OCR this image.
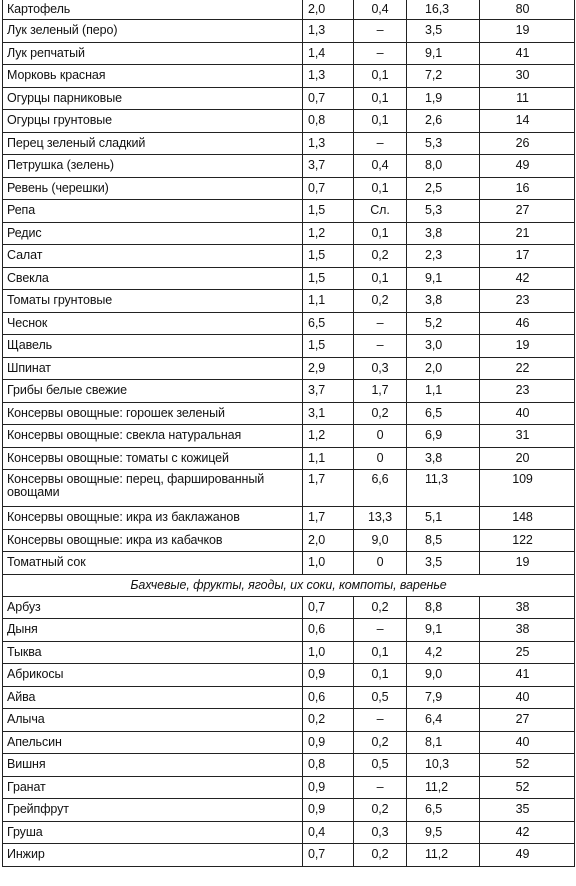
Картофель	2,0	0,4	16,3	80
Лук зеленый (перо)	1,3	–	3,5	19
Лук репчатый	1,4	–	9,1	41
Морковь красная	1,3	0,1	7,2	30
Огурцы парниковые	0,7	0,1	1,9	11
Огурцы грунтовые	0,8	0,1	2,6	14
Перец зеленый сладкий	1,3	–	5,3	26
Петрушка (зелень)	3,7	0,4	8,0	49
Ревень (черешки)	0,7	0,1	2,5	16
Репа	1,5	Сл.	5,3	27
Редис	1,2	0,1	3,8	21
Салат	1,5	0,2	2,3	17
Свекла	1,5	0,1	9,1	42
Томаты грунтовые	1,1	0,2	3,8	23
Чеснок	6,5	–	5,2	46
Щавель	1,5	–	3,0	19
Шпинат	2,9	0,3	2,0	22
Грибы белые свежие	3,7	1,7	1,1	23
Консервы овощные: горошек зеленый	3,1	0,2	6,5	40
Консервы овощные: свекла натуральная	1,2	0	6,9	31
Консервы овощные: томаты с кожицей	1,1	0	3,8	20
Консервы овощные: перец, фаршированный овощами	1,7	6,6	11,3	109
Консервы овощные: икра из баклажанов	1,7	13,3	5,1	148
Консервы овощные: икра из кабачков	2,0	9,0	8,5	122
Томатный сок	1,0	0	3,5	19
Бахчевые, фрукты, ягоды, их соки, компоты, варенье				
Арбуз	0,7	0,2	8,8	38
Дыня	0,6	–	9,1	38
Тыква	1,0	0,1	4,2	25
Абрикосы	0,9	0,1	9,0	41
Айва	0,6	0,5	7,9	40
Алыча	0,2	–	6,4	27
Апельсин	0,9	0,2	8,1	40
Вишня	0,8	0,5	10,3	52
Гранат	0,9	–	11,2	52
Грейпфрут	0,9	0,2	6,5	35
Груша	0,4	0,3	9,5	42
Инжир	0,7	0,2	11,2	49
